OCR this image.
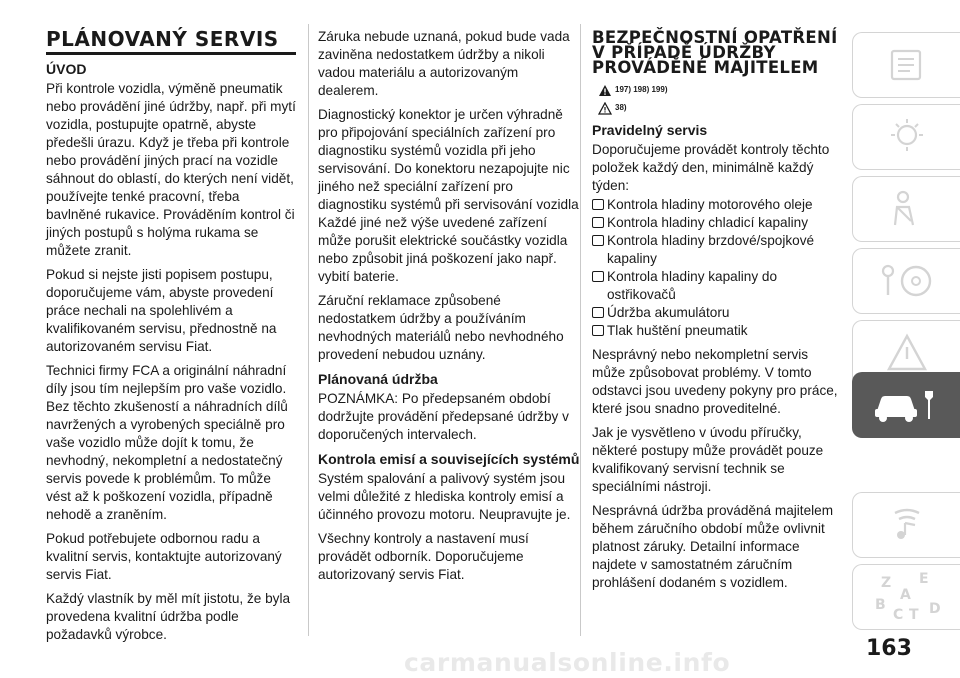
PLÁNOVANÝ SERVIS
ÚVOD

Při kontrole vozidla, výměně pneumatik nebo provádění jiné údržby, např. při mytí vozidla, postupujte opatrně, abyste předešli úrazu. Když je třeba při kontrole nebo provádění jiných prací na vozidle sáhnout do oblastí, do kterých není vidět, používejte tenké pracovní, třeba bavlněné rukavice. Prováděním kontrol či jiných postupů s holýma rukama se můžete zranit.

Pokud si nejste jisti popisem postupu, doporučujeme vám, abyste provedení práce nechali na spolehlivém a kvalifikovaném servisu, přednostně na autorizovaném servisu Fiat.

Technici firmy FCA a originální náhradní díly jsou tím nejlepším pro vaše vozidlo. Bez těchto zkušeností a náhradních dílů navržených a vyrobených speciálně pro vaše vozidlo může dojít k tomu, že nevhodný, nekompletní a nedostatečný servis povede k problémům. To může vést až k poškození vozidla, případně nehodě a zraněním.

Pokud potřebujete odbornou radu a kvalitní servis, kontaktujte autorizovaný servis Fiat.

Každý vlastník by měl mít jistotu, že byla provedena kvalitní údržba podle požadavků výrobce.

Záruka nebude uznaná, pokud bude vada zaviněna nedostatkem údržby a nikoli vadou materiálu a autorizovaným dealerem.

Diagnostický konektor je určen výhradně pro připojování speciálních zařízení pro diagnostiku systémů vozidla při jeho servisování. Do konektoru nezapojujte nic jiného než speciální zařízení pro diagnostiku systémů při servisování vozidla Každé jiné než výše uvedené zařízení může porušit elektrické součástky vozidla nebo způsobit jiná poškození jako např. vybití baterie.

Záruční reklamace způsobené nedostatkem údržby a používáním nevhodných materiálů nebo nevhodného provedení nebudou uznány.

Plánovaná údržba

POZNÁMKA: Po předepsaném období dodržujte provádění předepsané údržby v doporučených intervalech.

Kontrola emisí a souvisejících systémů

Systém spalování a palivový systém jsou velmi důležité z hlediska kontroly emisí a účinného provozu motoru. Neupravujte je.

Všechny kontroly a nastavení musí provádět odborník. Doporučujeme autorizovaný servis Fiat.

BEZPEČNOSTNÍ OPATŘENÍ V PŘÍPADĚ ÚDRŽBY PROVÁDĚNÉ MAJITELEM
197) 198) 199)
38)
Pravidelný servis

Doporučujeme provádět kontroly těchto položek každý den, minimálně každý týden:

Kontrola hladiny motorového oleje
Kontrola hladiny chladicí kapaliny
Kontrola hladiny brzdové/spojkové kapaliny
Kontrola hladiny kapaliny do ostřikovačů
Údržba akumulátoru
Tlak huštění pneumatik

Nesprávný nebo nekompletní servis může způsobovat problémy. V tomto odstavci jsou uvedeny pokyny pro práce, které jsou snadno proveditelné.

Jak je vysvětleno v úvodu příručky, některé postupy může provádět pouze kvalifikovaný servisní technik se speciálními nástroji.

Nesprávná údržba prováděná majitelem během záručního období může ovlivnit platnost záruky. Detailní informace najdete v samostatném záručním prohlášení dodaném s vozidlem.	Z E
A
B
C T D
163
carmanualsonline.info
